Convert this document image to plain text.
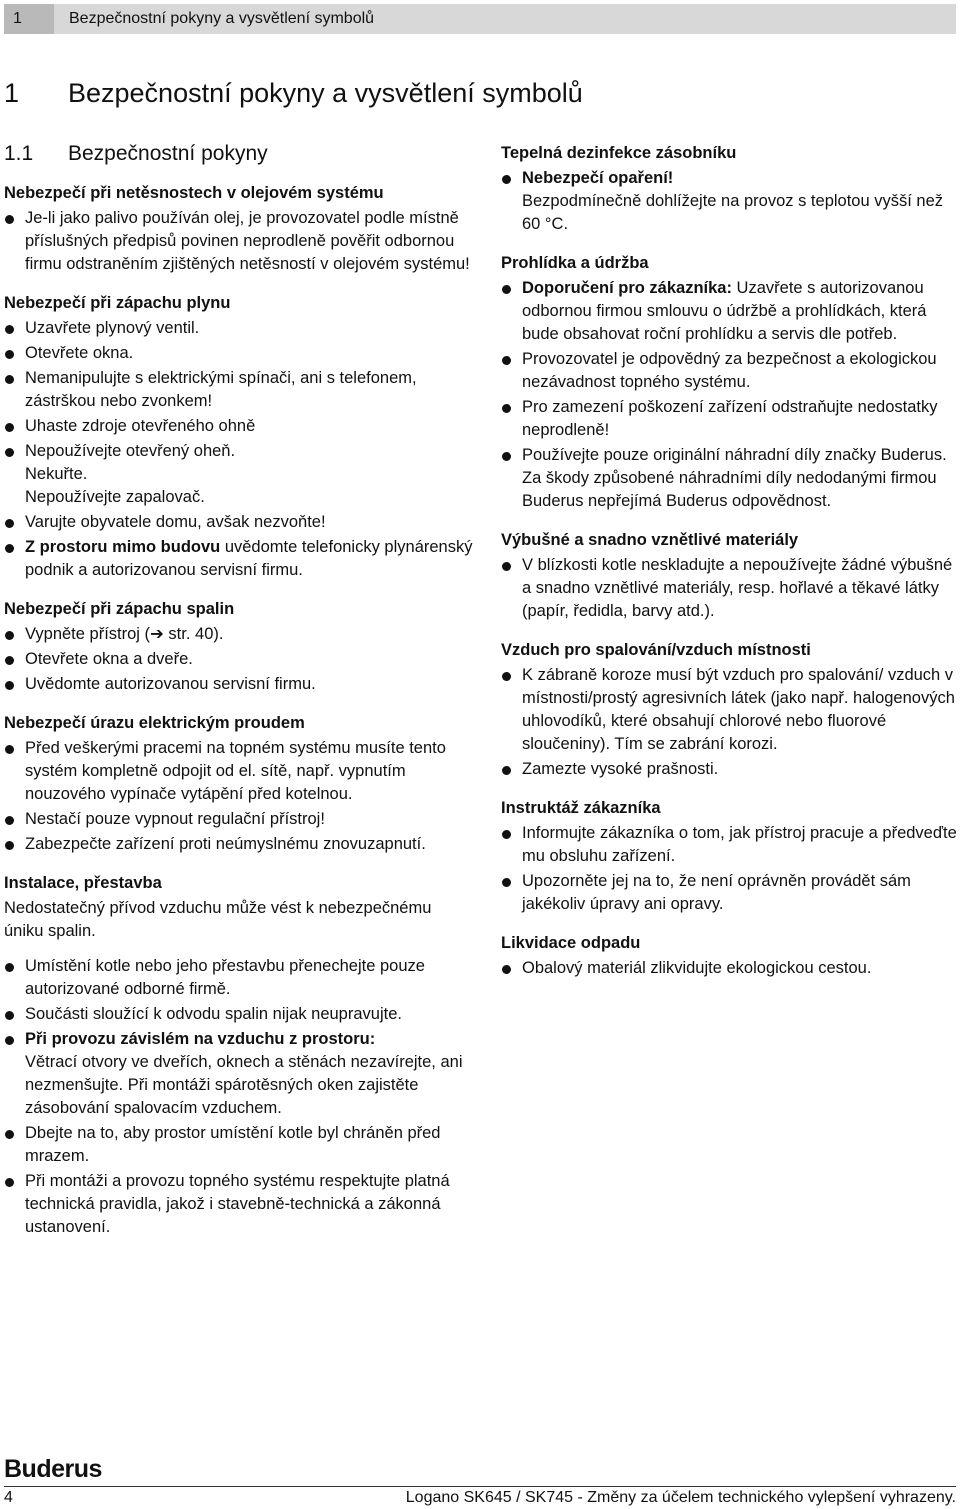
1	Bezpečnostní pokyny a vysvětlení symbolů
1 Bezpečnostní pokyny a vysvětlení symbolů
1.1 Bezpečnostní pokyny
Nebezpečí při netěsnostech v olejovém systému
Je-li jako palivo používán olej, je provozovatel podle místně příslušných předpisů povinen neprodleně pověřit odbornou firmu odstraněním zjištěných netěsností v olejovém systému!
Nebezpečí při zápachu plynu
Uzavřete plynový ventil.
Otevřete okna.
Nemanipulujte s elektrickými spínači, ani s telefonem, zástrškou nebo zvonkem!
Uhaste zdroje otevřeného ohně
Nepoužívejte otevřený oheň.
Nekuřte.
Nepoužívejte zapalovač.
Varujte obyvatele domu, avšak nezvoňte!
Z prostoru mimo budovu uvědomte telefonicky plynárenský podnik a autorizovanou servisní firmu.
Nebezpečí při zápachu spalin
Vypněte přístroj (➔ str. 40).
Otevřete okna a dveře.
Uvědomte autorizovanou servisní firmu.
Nebezpečí úrazu elektrickým proudem
Před veškerými pracemi na topném systému musíte tento systém kompletně odpojit od el. sítě, např. vypnutím nouzového vypínače vytápění před kotelnou.
Nestačí pouze vypnout regulační přístroj!
Zabezpečte zařízení proti neúmyslnému znovuzapnutí.
Instalace, přestavba

Nedostatečný přívod vzduchu může vést k nebezpečnému úniku spalin.

Umístění kotle nebo jeho přestavbu přenechejte pouze autorizované odborné firmě.
Součásti sloužící k odvodu spalin nijak neupravujte.
Při provozu závislém na vzduchu z prostoru:
Větrací otvory ve dveřích, oknech a stěnách nezavírejte, ani nezmenšujte. Při montáži spárotěsných oken zajistěte zásobování spalovacím vzduchem.
Dbejte na to, aby prostor umístění kotle byl chráněn před mrazem.
Při montáži a provozu topného systému respektujte platná technická pravidla, jakož i stavebně-technická a zákonná ustanovení.
Tepelná dezinfekce zásobníku
Nebezpečí opaření!
Bezpodmínečně dohlížejte na provoz s teplotou vyšší než 60 °C.
Prohlídka a údržba
Doporučení pro zákazníka: Uzavřete s autorizovanou odbornou firmou smlouvu o údržbě a prohlídkách, která bude obsahovat roční prohlídku a servis dle potřeb.
Provozovatel je odpovědný za bezpečnost a ekologickou nezávadnost topného systému.
Pro zamezení poškození zařízení odstraňujte nedostatky neprodleně!
Používejte pouze originální náhradní díly značky Buderus. Za škody způsobené náhradními díly nedodanými firmou Buderus nepřejímá Buderus odpovědnost.
Výbušné a snadno vznětlivé materiály
V blízkosti kotle neskladujte a nepoužívejte žádné výbušné a snadno vznětlivé materiály, resp. hořlavé a těkavé látky (papír, ředidla, barvy atd.).
Vzduch pro spalování/vzduch místnosti
K zábraně koroze musí být vzduch pro spalování/ vzduch v místnosti/prostý agresivních látek (jako např. halogenových uhlovodíků, které obsahují chlorové nebo fluorové sloučeniny). Tím se zabrání korozi.
Zamezte vysoké prašnosti.
Instruktáž zákazníka
Informujte zákazníka o tom, jak přístroj pracuje a předveďte mu obsluhu zařízení.
Upozorněte jej na to, že není oprávněn provádět sám jakékoliv úpravy ani opravy.
Likvidace odpadu
Obalový materiál zlikvidujte ekologickou cestou.
Buderus
4	Logano SK645 / SK745 - Změny za účelem technického vylepšení vyhrazeny.
